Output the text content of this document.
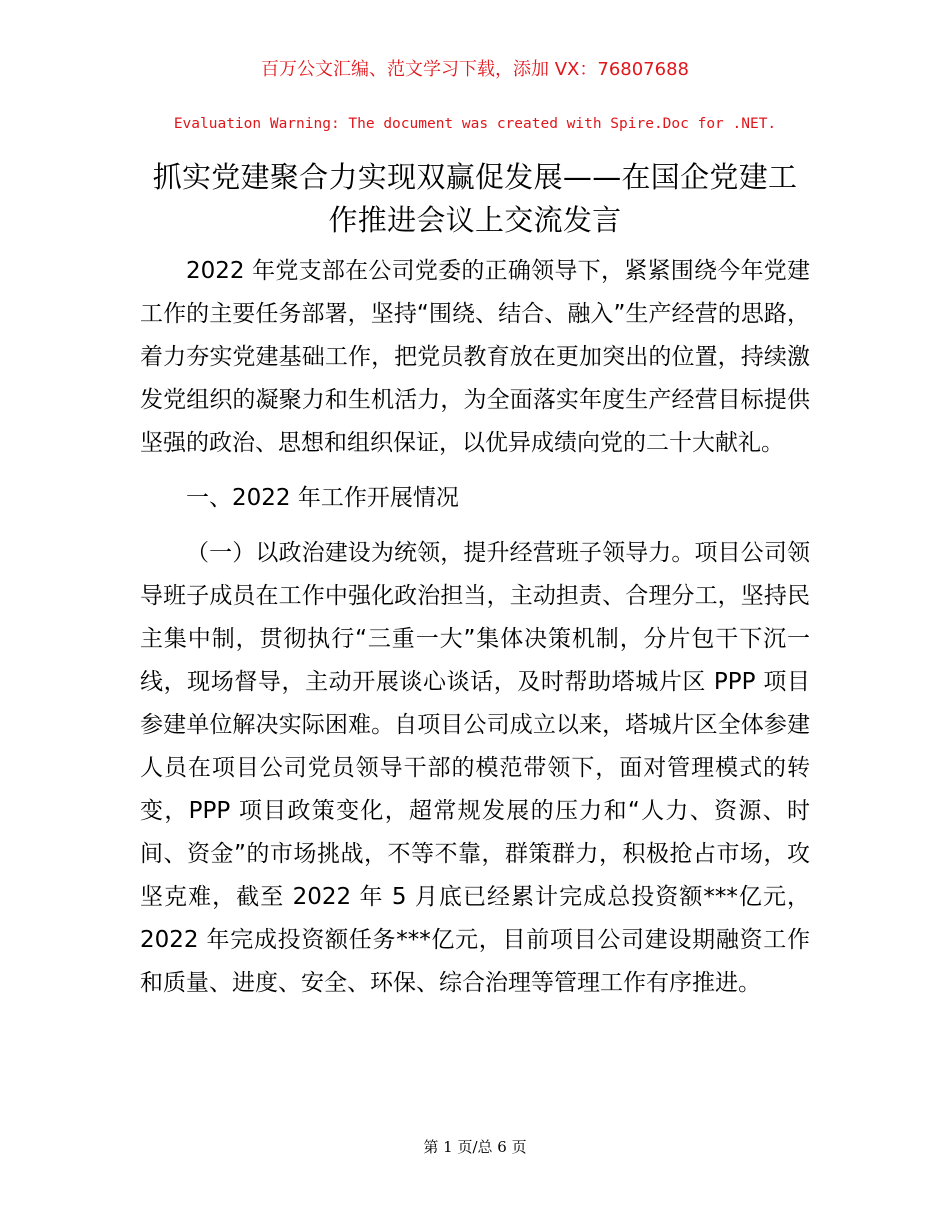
百万公文汇编、范文学习下载，添加 VX：76807688
Evaluation Warning: The document was created with Spire.Doc for .NET.
抓实党建聚合力实现双赢促发展——在国企党建工作推进会议上交流发言

2022 年党支部在公司党委的正确领导下，紧紧围绕今年党建工作的主要任务部署，坚持“围绕、结合、融入”生产经营的思路，着力夯实党建基础工作，把党员教育放在更加突出的位置，持续激发党组织的凝聚力和生机活力，为全面落实年度生产经营目标提供坚强的政治、思想和组织保证，以优异成绩向党的二十大献礼。

一、2022 年工作开展情况

（一）以政治建设为统领，提升经营班子领导力。项目公司领导班子成员在工作中强化政治担当，主动担责、合理分工，坚持民主集中制，贯彻执行“三重一大”集体决策机制，分片包干下沉一线，现场督导，主动开展谈心谈话，及时帮助塔城片区 PPP 项目参建单位解决实际困难。自项目公司成立以来，塔城片区全体参建人员在项目公司党员领导干部的模范带领下，面对管理模式的转变，PPP 项目政策变化，超常规发展的压力和“人力、资源、时间、资金”的市场挑战，不等不靠，群策群力，积极抢占市场，攻坚克难，截至 2022 年 5 月底已经累计完成总投资额***亿元，2022 年完成投资额任务***亿元，目前项目公司建设期融资工作和质量、进度、安全、环保、综合治理等管理工作有序推进。

第 1 页/总 6 页
